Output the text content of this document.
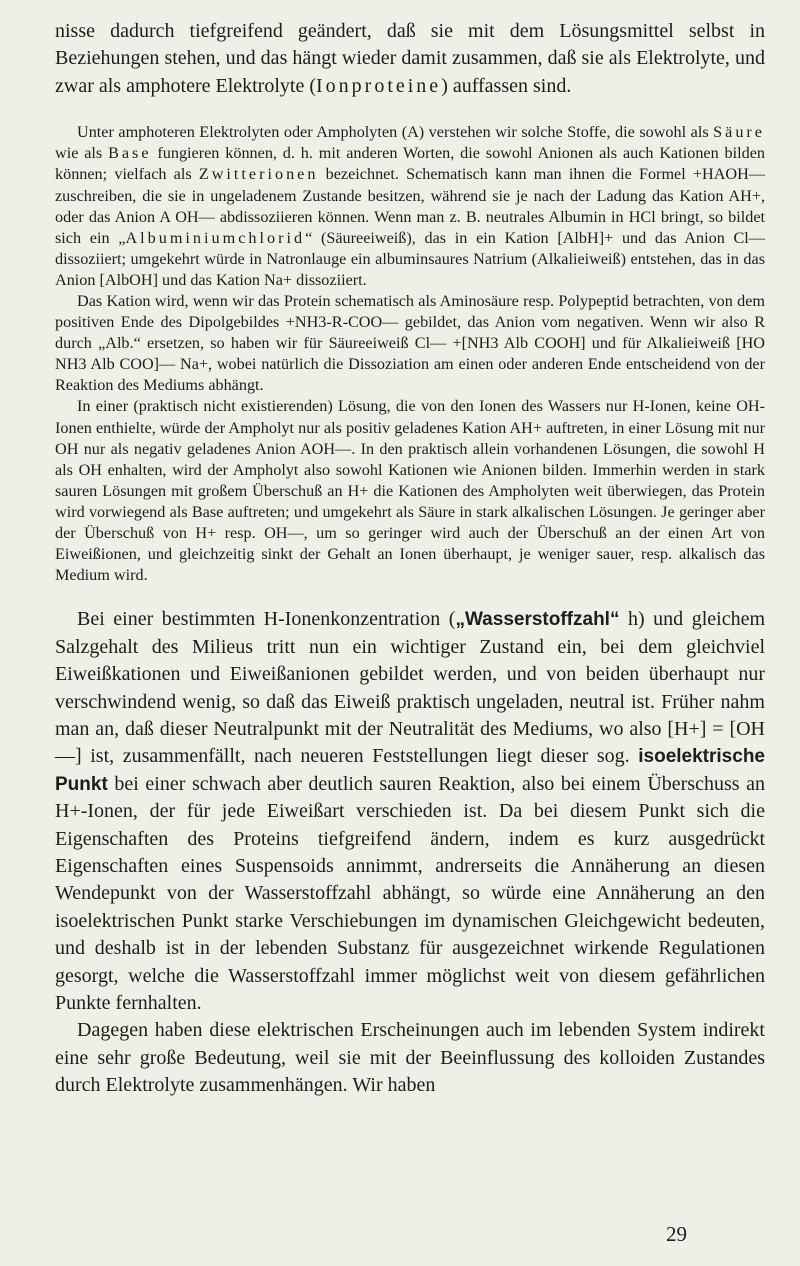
nisse dadurch tiefgreifend geändert, daß sie mit dem Lösungsmittel selbst in Beziehungen stehen, und das hängt wieder damit zusammen, daß sie als Elektrolyte, und zwar als amphotere Elektrolyte (Ionproteine) auffassen sind.

Unter amphoteren Elektrolyten oder Ampholyten (A) verstehen wir solche Stoffe, die sowohl als Säure wie als Base fungieren können, d. h. mit anderen Worten, die sowohl Anionen als auch Kationen bilden können; vielfach als Zwitterionen bezeichnet. Schematisch kann man ihnen die Formel +HAOH— zuschreiben, die sie in ungeladenem Zustande besitzen, während sie je nach der Ladung das Kation AH+, oder das Anion A OH— abdissoziieren können. Wenn man z. B. neutrales Albumin in HCl bringt, so bildet sich ein „Albuminiumchlorid“ (Säureeiweiß), das in ein Kation [AlbH]+ und das Anion Cl— dissoziiert; umgekehrt würde in Natronlauge ein albuminsaures Natrium (Alkalieiweiß) entstehen, das in das Anion [AlbOH] und das Kation Na+ dissoziiert.

Das Kation wird, wenn wir das Protein schematisch als Aminosäure resp. Polypeptid betrachten, von dem positiven Ende des Dipolgebildes +NH3-R-COO— gebildet, das Anion vom negativen. Wenn wir also R durch „Alb.“ ersetzen, so haben wir für Säureeiweiß Cl— +[NH3 Alb COOH] und für Alkalieiweiß [HO NH3 Alb COO]— Na+, wobei natürlich die Dissoziation am einen oder anderen Ende entscheidend von der Reaktion des Mediums abhängt.

In einer (praktisch nicht existierenden) Lösung, die von den Ionen des Wassers nur H-Ionen, keine OH-Ionen enthielte, würde der Ampholyt nur als positiv geladenes Kation AH+ auftreten, in einer Lösung mit nur OH nur als negativ geladenes Anion AOH—. In den praktisch allein vorhandenen Lösungen, die sowohl H als OH enhalten, wird der Ampholyt also sowohl Kationen wie Anionen bilden. Immerhin werden in stark sauren Lösungen mit großem Überschuß an H+ die Kationen des Ampholyten weit überwiegen, das Protein wird vorwiegend als Base auftreten; und umgekehrt als Säure in stark alkalischen Lösungen. Je geringer aber der Überschuß von H+ resp. OH—, um so geringer wird auch der Überschuß an der einen Art von Eiweißionen, und gleichzeitig sinkt der Gehalt an Ionen überhaupt, je weniger sauer, resp. alkalisch das Medium wird.

Bei einer bestimmten H-Ionenkonzentration („Wasserstoffzahl“ h) und gleichem Salzgehalt des Milieus tritt nun ein wichtiger Zustand ein, bei dem gleichviel Eiweißkationen und Eiweißanionen gebildet werden, und von beiden überhaupt nur verschwindend wenig, so daß das Eiweiß praktisch ungeladen, neutral ist. Früher nahm man an, daß dieser Neutralpunkt mit der Neutralität des Mediums, wo also [H+] = [OH—] ist, zusammenfällt, nach neueren Feststellungen liegt dieser sog. isoelektrische Punkt bei einer schwach aber deutlich sauren Reaktion, also bei einem Überschuss an H+-Ionen, der für jede Eiweißart verschieden ist. Da bei diesem Punkt sich die Eigenschaften des Proteins tiefgreifend ändern, indem es kurz ausgedrückt Eigenschaften eines Suspensoids annimmt, andrerseits die Annäherung an diesen Wendepunkt von der Wasserstoffzahl abhängt, so würde eine Annäherung an den isoelektrischen Punkt starke Verschiebungen im dynamischen Gleichgewicht bedeuten, und deshalb ist in der lebenden Substanz für ausgezeichnet wirkende Regulationen gesorgt, welche die Wasserstoffzahl immer möglichst weit von diesem gefährlichen Punkte fernhalten.

Dagegen haben diese elektrischen Erscheinungen auch im lebenden System indirekt eine sehr große Bedeutung, weil sie mit der Beeinflussung des kolloiden Zustandes durch Elektrolyte zusammenhängen. Wir haben

29
